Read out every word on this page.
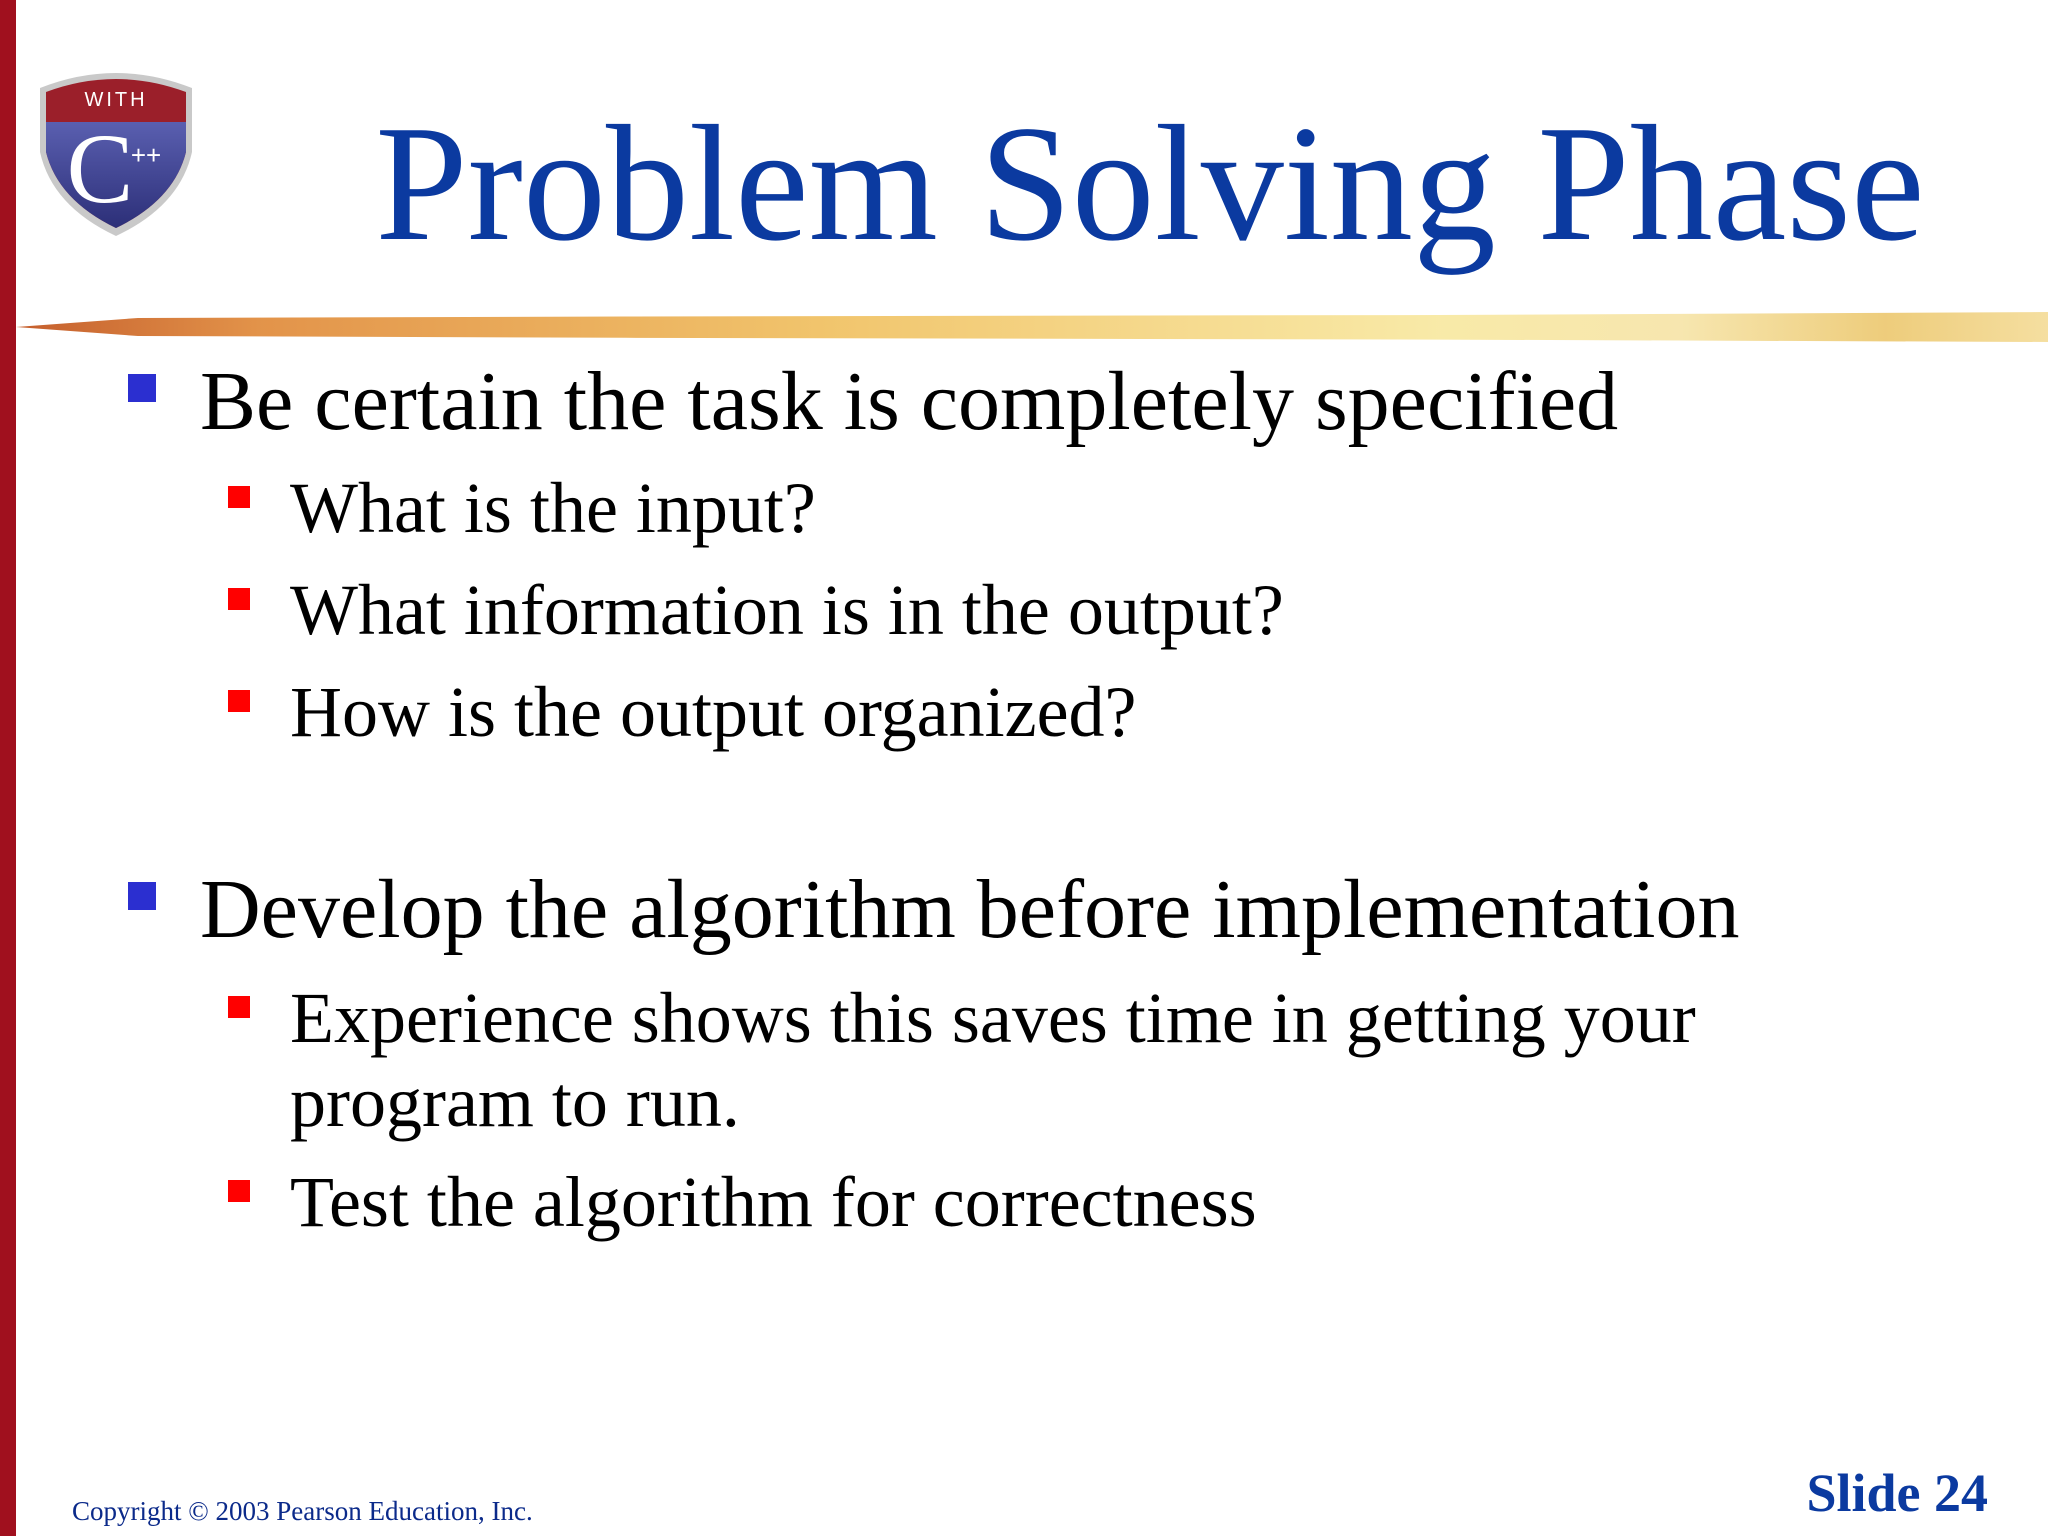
WITH
C
++	Problem Solving Phase
Be certain the task is completely specified
What is the input?
What information is in the output?
How is the output organized?
Develop the algorithm before implementation
Experience shows this saves time in getting your
program to run.
Test the algorithm for correctness
Copyright © 2003 Pearson Education, Inc.	Slide 24
